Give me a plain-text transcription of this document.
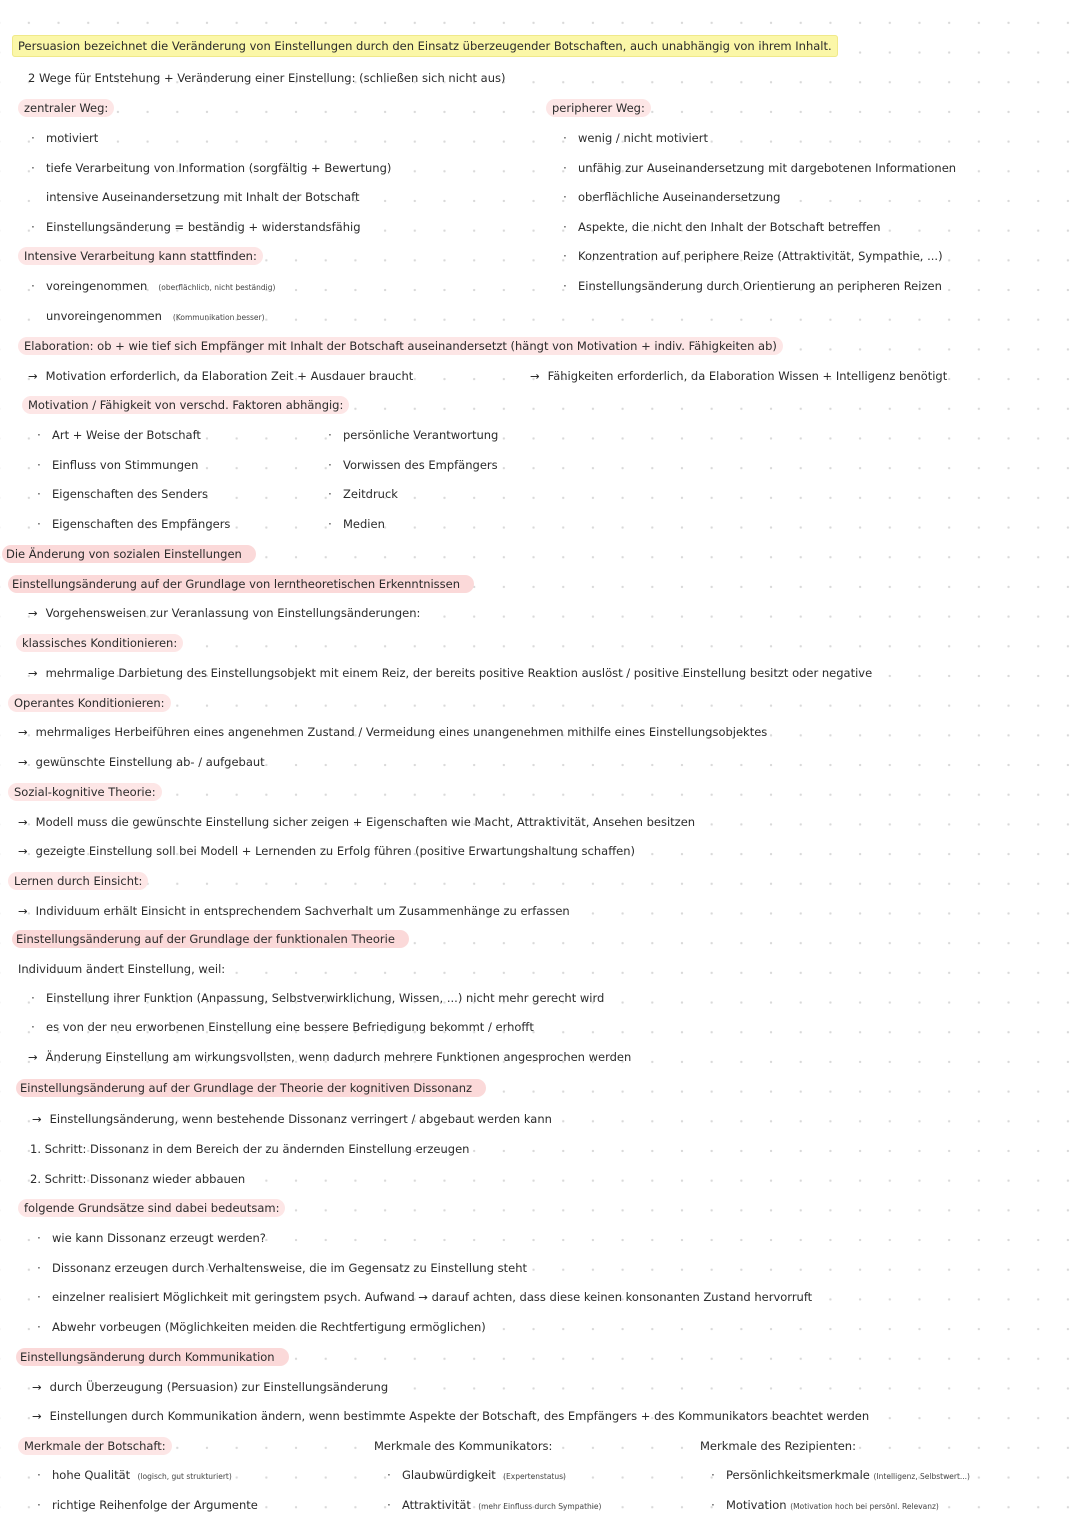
Persuasion bezeichnet die Veränderung von Einstellungen durch den Einsatz überzeugender Botschaften, auch unabhängig von ihrem Inhalt.
2 Wege für Entstehung + Veränderung einer Einstellung: (schließen sich nicht aus)
zentraler Weg:
· motiviert
· tiefe Verarbeitung von Information (sorgfältig + Bewertung)
intensive Auseinandersetzung mit Inhalt der Botschaft
· Einstellungsänderung = beständig + widerstandsfähig
Intensive Verarbeitung kann stattfinden:
· voreingenommen (oberflächlich, nicht beständig)
unvoreingenommen (Kommunikation besser)
peripherer Weg:
· wenig / nicht motiviert
· unfähig zur Auseinandersetzung mit dargebotenen Informationen
· oberflächliche Auseinandersetzung
· Aspekte, die nicht den Inhalt der Botschaft betreffen
· Konzentration auf periphere Reize (Attraktivität, Sympathie, ...)
· Einstellungsänderung durch Orientierung an peripheren Reizen
Elaboration: ob + wie tief sich Empfänger mit Inhalt der Botschaft auseinandersetzt (hängt von Motivation + indiv. Fähigkeiten ab)
→ Motivation erforderlich, da Elaboration Zeit + Ausdauer braucht	→ Fähigkeiten erforderlich, da Elaboration Wissen + Intelligenz benötigt
Motivation / Fähigkeit von verschd. Faktoren abhängig:
· Art + Weise der Botschaft
· Einfluss von Stimmungen
· Eigenschaften des Senders
· Eigenschaften des Empfängers
· persönliche Verantwortung
· Vorwissen des Empfängers
· Zeitdruck
· Medien
Die Änderung von sozialen Einstellungen
Einstellungsänderung auf der Grundlage von lerntheoretischen Erkenntnissen
→ Vorgehensweisen zur Veranlassung von Einstellungsänderungen:
klassisches Konditionieren:
→ mehrmalige Darbietung des Einstellungsobjekt mit einem Reiz, der bereits positive Reaktion auslöst / positive Einstellung besitzt oder negative
Operantes Konditionieren:
→ mehrmaliges Herbeiführen eines angenehmen Zustand / Vermeidung eines unangenehmen mithilfe eines Einstellungsobjektes
→ gewünschte Einstellung ab- / aufgebaut
Sozial-kognitive Theorie:
→ Modell muss die gewünschte Einstellung sicher zeigen + Eigenschaften wie Macht, Attraktivität, Ansehen besitzen
→ gezeigte Einstellung soll bei Modell + Lernenden zu Erfolg führen (positive Erwartungshaltung schaffen)
Lernen durch Einsicht:
→ Individuum erhält Einsicht in entsprechendem Sachverhalt um Zusammenhänge zu erfassen
Einstellungsänderung auf der Grundlage der funktionalen Theorie
Individuum ändert Einstellung, weil:
· Einstellung ihrer Funktion (Anpassung, Selbstverwirklichung, Wissen, ...) nicht mehr gerecht wird
· es von der neu erworbenen Einstellung eine bessere Befriedigung bekommt / erhofft
→ Änderung Einstellung am wirkungsvollsten, wenn dadurch mehrere Funktionen angesprochen werden
Einstellungsänderung auf der Grundlage der Theorie der kognitiven Dissonanz
→ Einstellungsänderung, wenn bestehende Dissonanz verringert / abgebaut werden kann
1. Schritt: Dissonanz in dem Bereich der zu ändernden Einstellung erzeugen
2. Schritt: Dissonanz wieder abbauen
folgende Grundsätze sind dabei bedeutsam:
· wie kann Dissonanz erzeugt werden?
· Dissonanz erzeugen durch Verhaltensweise, die im Gegensatz zu Einstellung steht
· einzelner realisiert Möglichkeit mit geringstem psych. Aufwand → darauf achten, dass diese keinen konsonanten Zustand hervorruft
· Abwehr vorbeugen (Möglichkeiten meiden die Rechtfertigung ermöglichen)
Einstellungsänderung durch Kommunikation
→ durch Überzeugung (Persuasion) zur Einstellungsänderung
→ Einstellungen durch Kommunikation ändern, wenn bestimmte Aspekte der Botschaft, des Empfängers + des Kommunikators beachtet werden
Merkmale der Botschaft:
· hohe Qualität (logisch, gut strukturiert)
· richtige Reihenfolge der Argumente
Merkmale des Kommunikators:
· Glaubwürdigkeit (Expertenstatus)
· Attraktivität (mehr Einfluss durch Sympathie)
Merkmale des Rezipienten:
· Persönlichkeitsmerkmale (Intelligenz, Selbstwert...)
· Motivation (Motivation hoch bei persönl. Relevanz)
